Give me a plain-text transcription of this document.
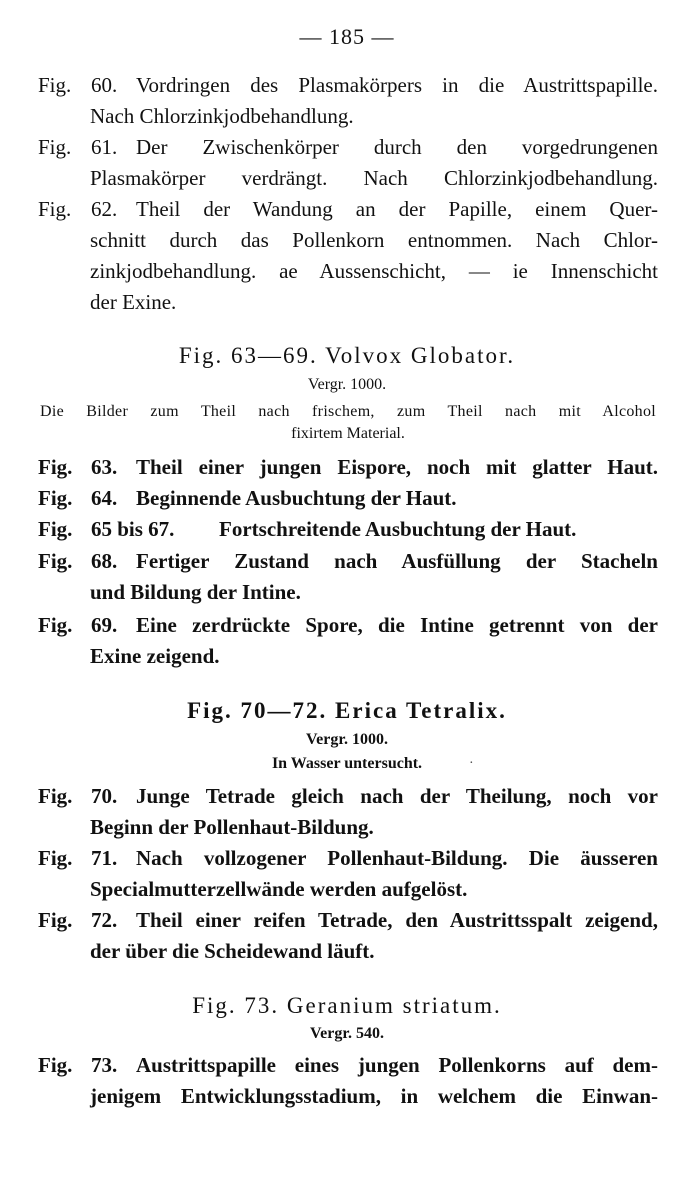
— 185 —
Fig. 60. Vordringen des Plasmakörpers in die Austrittspapille.
Nach Chlorzinkjodbehandlung.
Fig. 61. Der Zwischenkörper durch den vorgedrungenen
Plasmakörper verdrängt. Nach Chlorzinkjodbehandlung.
Fig. 62. Theil der Wandung an der Papille, einem Quer-
schnitt durch das Pollenkorn entnommen. Nach Chlor-
zinkjodbehandlung. ae Aussenschicht, — ie Innenschicht
der Exine.
Fig. 63—69. Volvox Globator.
Vergr. 1000.
Die Bilder zum Theil nach frischem, zum Theil nach mit Alcohol
fixirtem Material.
Fig. 63. Theil einer jungen Eispore, noch mit glatter Haut.
Fig. 64. Beginnende Ausbuchtung der Haut.
Fig. 65 bis 67.	Fortschreitende Ausbuchtung der Haut.
Fig. 68. Fertiger Zustand nach Ausfüllung der Stacheln
und Bildung der Intine.
Fig. 69. Eine zerdrückte Spore, die Intine getrennt von der
Exine zeigend.
Fig. 70—72. Erica Tetralix.
Vergr. 1000.
In Wasser untersucht.	·
Fig. 70. Junge Tetrade gleich nach der Theilung, noch vor
Beginn der Pollenhaut-Bildung.
Fig. 71. Nach vollzogener Pollenhaut-Bildung. Die äusseren
Specialmutterzellwände werden aufgelöst.
Fig. 72. Theil einer reifen Tetrade, den Austrittsspalt zeigend,
der über die Scheidewand läuft.
Fig. 73. Geranium striatum.
Vergr. 540.
Fig. 73. Austrittspapille eines jungen Pollenkorns auf dem-
jenigem Entwicklungsstadium, in welchem die Einwan-
